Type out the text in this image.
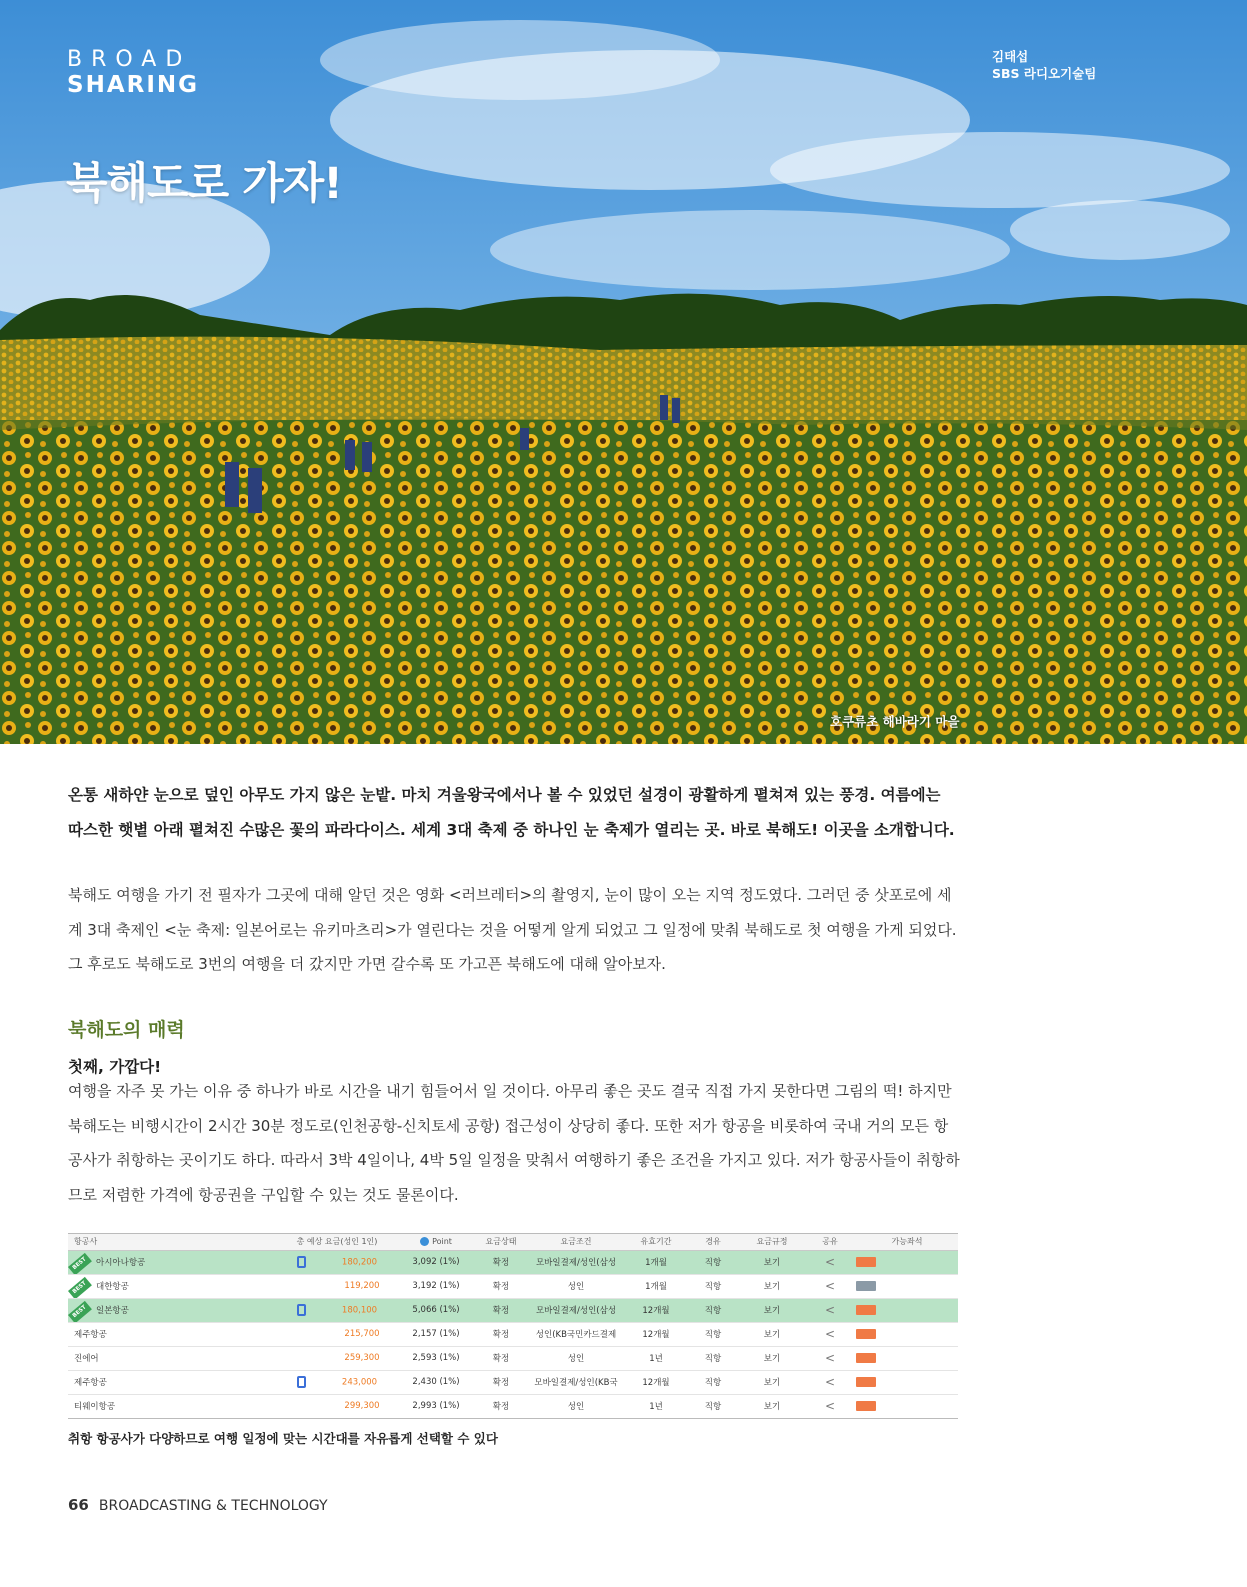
BROAD
SHARING
김태섭
SBS 라디오기술팀
북해도로 가자!
호쿠류초 해바라기 마을
온통 새하얀 눈으로 덮인 아무도 가지 않은 눈밭. 마치 겨울왕국에서나 볼 수 있었던 설경이 광활하게 펼쳐져 있는 풍경. 여름에는 따스한 햇볕 아래 펼쳐진 수많은 꽃의 파라다이스. 세계 3대 축제 중 하나인 눈 축제가 열리는 곳. 바로 북해도! 이곳을 소개합니다.
북해도 여행을 가기 전 필자가 그곳에 대해 알던 것은 영화 <러브레터>의 촬영지, 눈이 많이 오는 지역 정도였다. 그러던 중 삿포로에 세계 3대 축제인 <눈 축제: 일본어로는 유키마츠리>가 열린다는 것을 어떻게 알게 되었고 그 일정에 맞춰 북해도로 첫 여행을 가게 되었다. 그 후로도 북해도로 3번의 여행을 더 갔지만 가면 갈수록 또 가고픈 북해도에 대해 알아보자.
북해도의 매력
첫째, 가깝다!
여행을 자주 못 가는 이유 중 하나가 바로 시간을 내기 힘들어서 일 것이다. 아무리 좋은 곳도 결국 직접 가지 못한다면 그림의 떡! 하지만 북해도는 비행시간이 2시간 30분 정도로(인천공항-신치토세 공항) 접근성이 상당히 좋다. 또한 저가 항공을 비롯하여 국내 거의 모든 항공사가 취항하는 곳이기도 하다. 따라서 3박 4일이나, 4박 5일 일정을 맞춰서 여행하기 좋은 조건을 가지고 있다. 저가 항공사들이 취항하므로 저렴한 가격에 항공권을 구입할 수 있는 것도 물론이다.
항공사	총 예상 요금(성인 1인)	Point	요금상태	요금조건	유효기간	경유	요금규정	공유	가능좌석

BEST 아시아나항공	180,200	3,092 (1%)	확정	모바일결제/성인(삼성	1개월	직항	보기	<	

BEST 대한항공	119,200	3,192 (1%)	확정	성인	1개월	직항	보기	<	

BEST 일본항공	180,100	5,066 (1%)	확정	모바일결제/성인(삼성	12개월	직항	보기	<	
제주항공	215,700	2,157 (1%)	확정	성인(KB국민카드결제	12개월	직항	보기	<	
진에어	259,300	2,593 (1%)	확정	성인	1년	직항	보기	<	
제주항공	243,000	2,430 (1%)	확정	모바일결제/성인(KB국	12개월	직항	보기	<	
티웨이항공	299,300	2,993 (1%)	확정	성인	1년	직항	보기	<	
취항 항공사가 다양하므로 여행 일정에 맞는 시간대를 자유롭게 선택할 수 있다
66 BROADCASTING & TECHNOLOGY
